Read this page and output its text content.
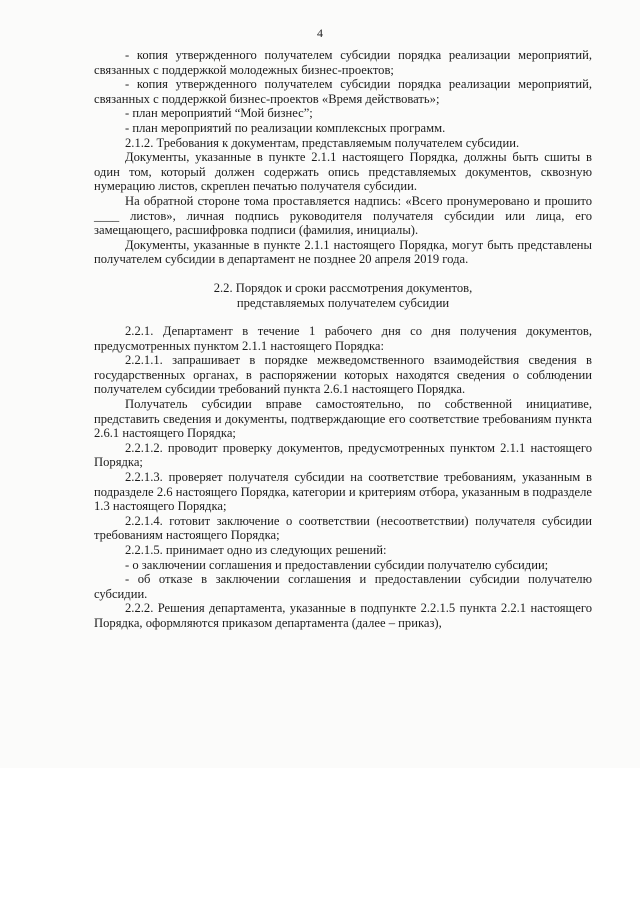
4

- копия утвержденного получателем субсидии порядка реализации мероприятий, связанных с поддержкой молодежных бизнес-проектов;

- копия утвержденного получателем субсидии порядка реализации мероприятий, связанных с поддержкой бизнес-проектов «Время действовать»;

- план мероприятий “Мой бизнес”;

- план мероприятий по реализации комплексных программ.

2.1.2. Требования к документам, представляемым получателем субсидии.

Документы, указанные в пункте 2.1.1 настоящего Порядка, должны быть сшиты в один том, который должен содержать опись представляемых документов, сквозную нумерацию листов, скреплен печатью получателя субсидии.

На обратной стороне тома проставляется надпись: «Всего пронумеровано и прошито ____ листов», личная подпись руководителя получателя субсидии или лица, его замещающего, расшифровка подписи (фамилия, инициалы).

Документы, указанные в пункте 2.1.1 настоящего Порядка, могут быть представлены получателем субсидии в департамент не позднее 20 апреля 2019 года.

2.2. Порядок и сроки рассмотрения документов,
представляемых получателем субсидии

2.2.1. Департамент в течение 1 рабочего дня со дня получения документов, предусмотренных пунктом 2.1.1 настоящего Порядка:

2.2.1.1. запрашивает в порядке межведомственного взаимодействия сведения в государственных органах, в распоряжении которых находятся сведения о соблюдении получателем субсидии требований пункта 2.6.1 настоящего Порядка.

Получатель субсидии вправе самостоятельно, по собственной инициативе, представить сведения и документы, подтверждающие его соответствие требованиям пункта 2.6.1 настоящего Порядка;

2.2.1.2. проводит проверку документов, предусмотренных пунктом 2.1.1 настоящего Порядка;

2.2.1.3. проверяет получателя субсидии на соответствие требованиям, указанным в подразделе 2.6 настоящего Порядка, категории и критериям отбора, указанным в подразделе 1.3 настоящего Порядка;

2.2.1.4. готовит заключение о соответствии (несоответствии) получателя субсидии требованиям настоящего Порядка;

2.2.1.5. принимает одно из следующих решений:

- о заключении соглашения и предоставлении субсидии получателю субсидии;

- об отказе в заключении соглашения и предоставлении субсидии получателю субсидии.

2.2.2. Решения департамента, указанные в подпункте 2.2.1.5 пункта 2.2.1 настоящего Порядка, оформляются приказом департамента (далее – приказ),
